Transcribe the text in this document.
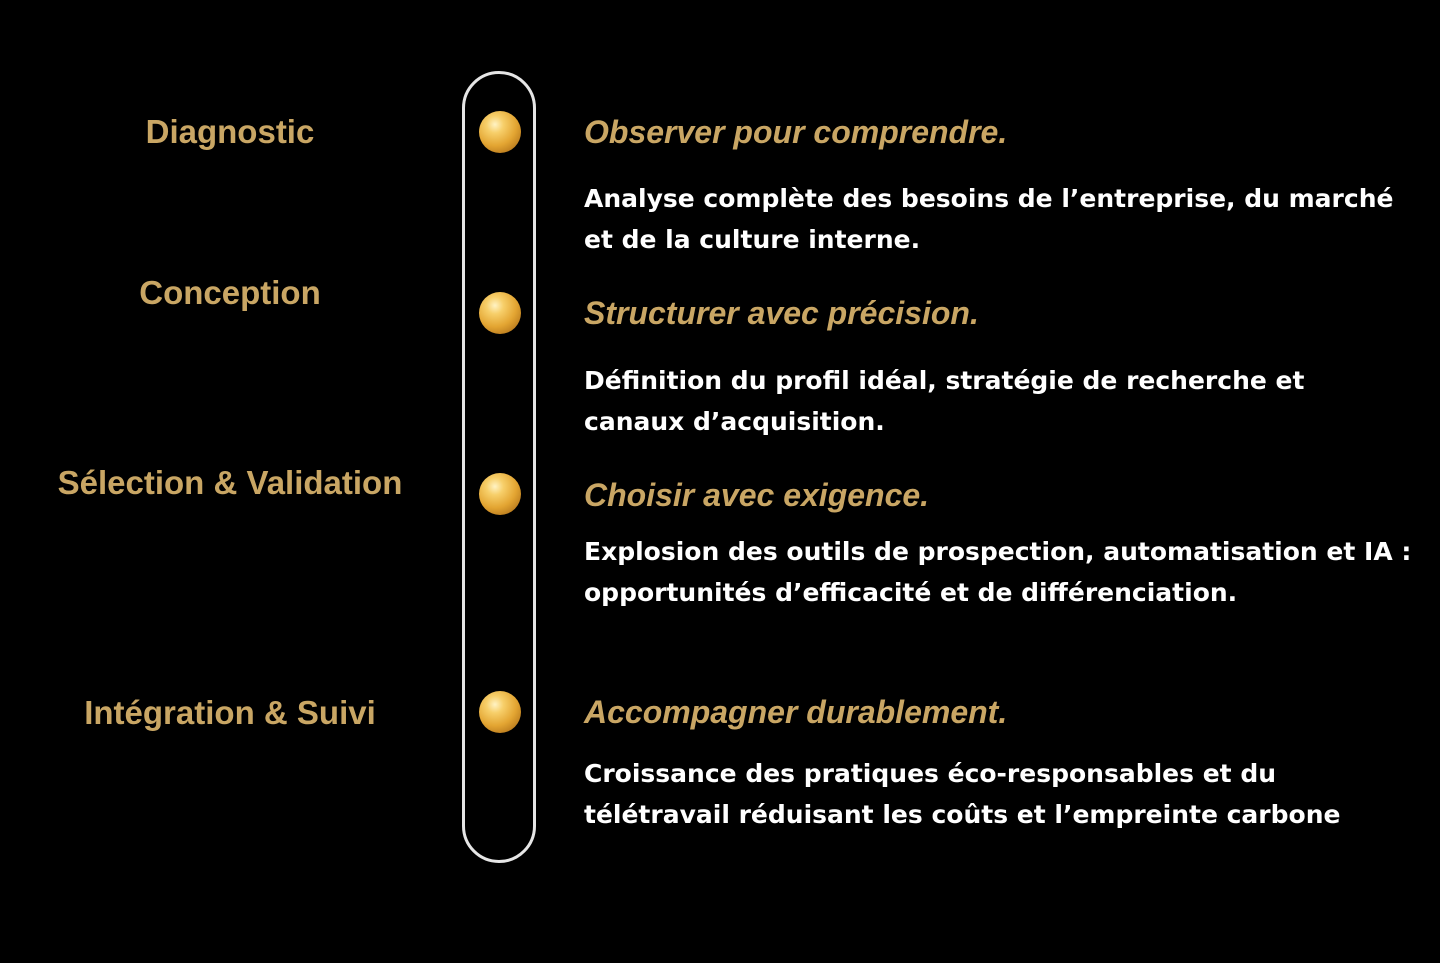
Diagnostic
Conception
Sélection & Validation
Intégration & Suivi
Observer pour comprendre.
Analyse complète des besoins de l’entreprise, du marché
et de la culture interne.
Structurer avec précision.
Définition du profil idéal, stratégie de recherche et
canaux d’acquisition.
Choisir avec exigence.
Explosion des outils de prospection, automatisation et IA :
opportunités d’efficacité et de différenciation.
Accompagner durablement.
Croissance des pratiques éco-responsables et du
télétravail réduisant les coûts et l’empreinte carbone
